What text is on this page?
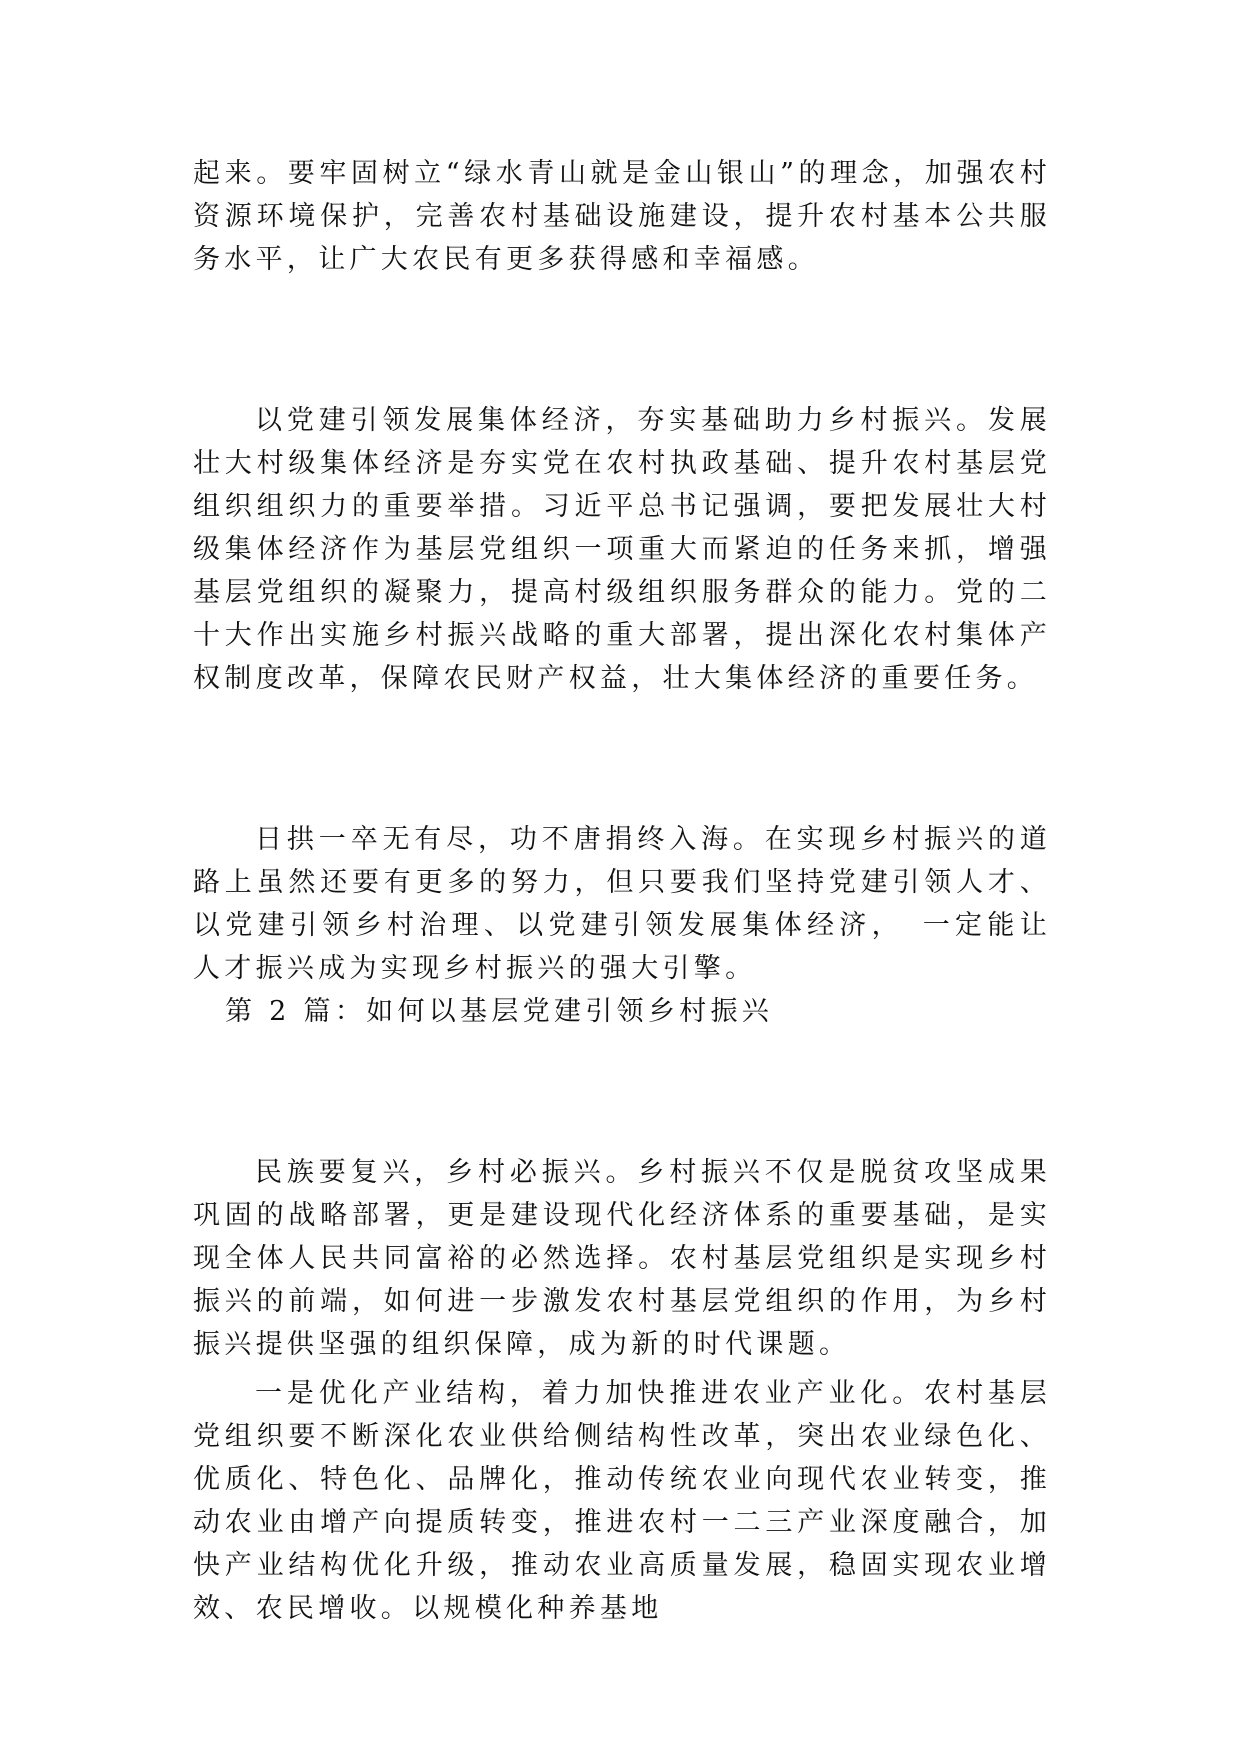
起来。要牢固树立“绿水青山就是金山银山”的理念，加强农村资源环境保护，完善农村基础设施建设，提升农村基本公共服务水平，让广大农民有更多获得感和幸福感。

以党建引领发展集体经济，夯实基础助力乡村振兴。发展壮大村级集体经济是夯实党在农村执政基础、提升农村基层党组织组织力的重要举措。习近平总书记强调，要把发展壮大村级集体经济作为基层党组织一项重大而紧迫的任务来抓，增强基层党组织的凝聚力，提高村级组织服务群众的能力。党的二十大作出实施乡村振兴战略的重大部署，提出深化农村集体产权制度改革，保障农民财产权益，壮大集体经济的重要任务。

日拱一卒无有尽，功不唐捐终入海。在实现乡村振兴的道路上虽然还要有更多的努力，但只要我们坚持党建引领人才、以党建引领乡村治理、以党建引领发展集体经济，　一定能让人才振兴成为实现乡村振兴的强大引擎。

第 2 篇：如何以基层党建引领乡村振兴

民族要复兴，乡村必振兴。乡村振兴不仅是脱贫攻坚成果巩固的战略部署，更是建设现代化经济体系的重要基础，是实现全体人民共同富裕的必然选择。农村基层党组织是实现乡村振兴的前端，如何进一步激发农村基层党组织的作用，为乡村振兴提供坚强的组织保障，成为新的时代课题。

一是优化产业结构，着力加快推进农业产业化。农村基层党组织要不断深化农业供给侧结构性改革，突出农业绿色化、优质化、特色化、品牌化，推动传统农业向现代农业转变，推动农业由增产向提质转变，推进农村一二三产业深度融合，加快产业结构优化升级，推动农业高质量发展，稳固实现农业增效、农民增收。以规模化种养基地
